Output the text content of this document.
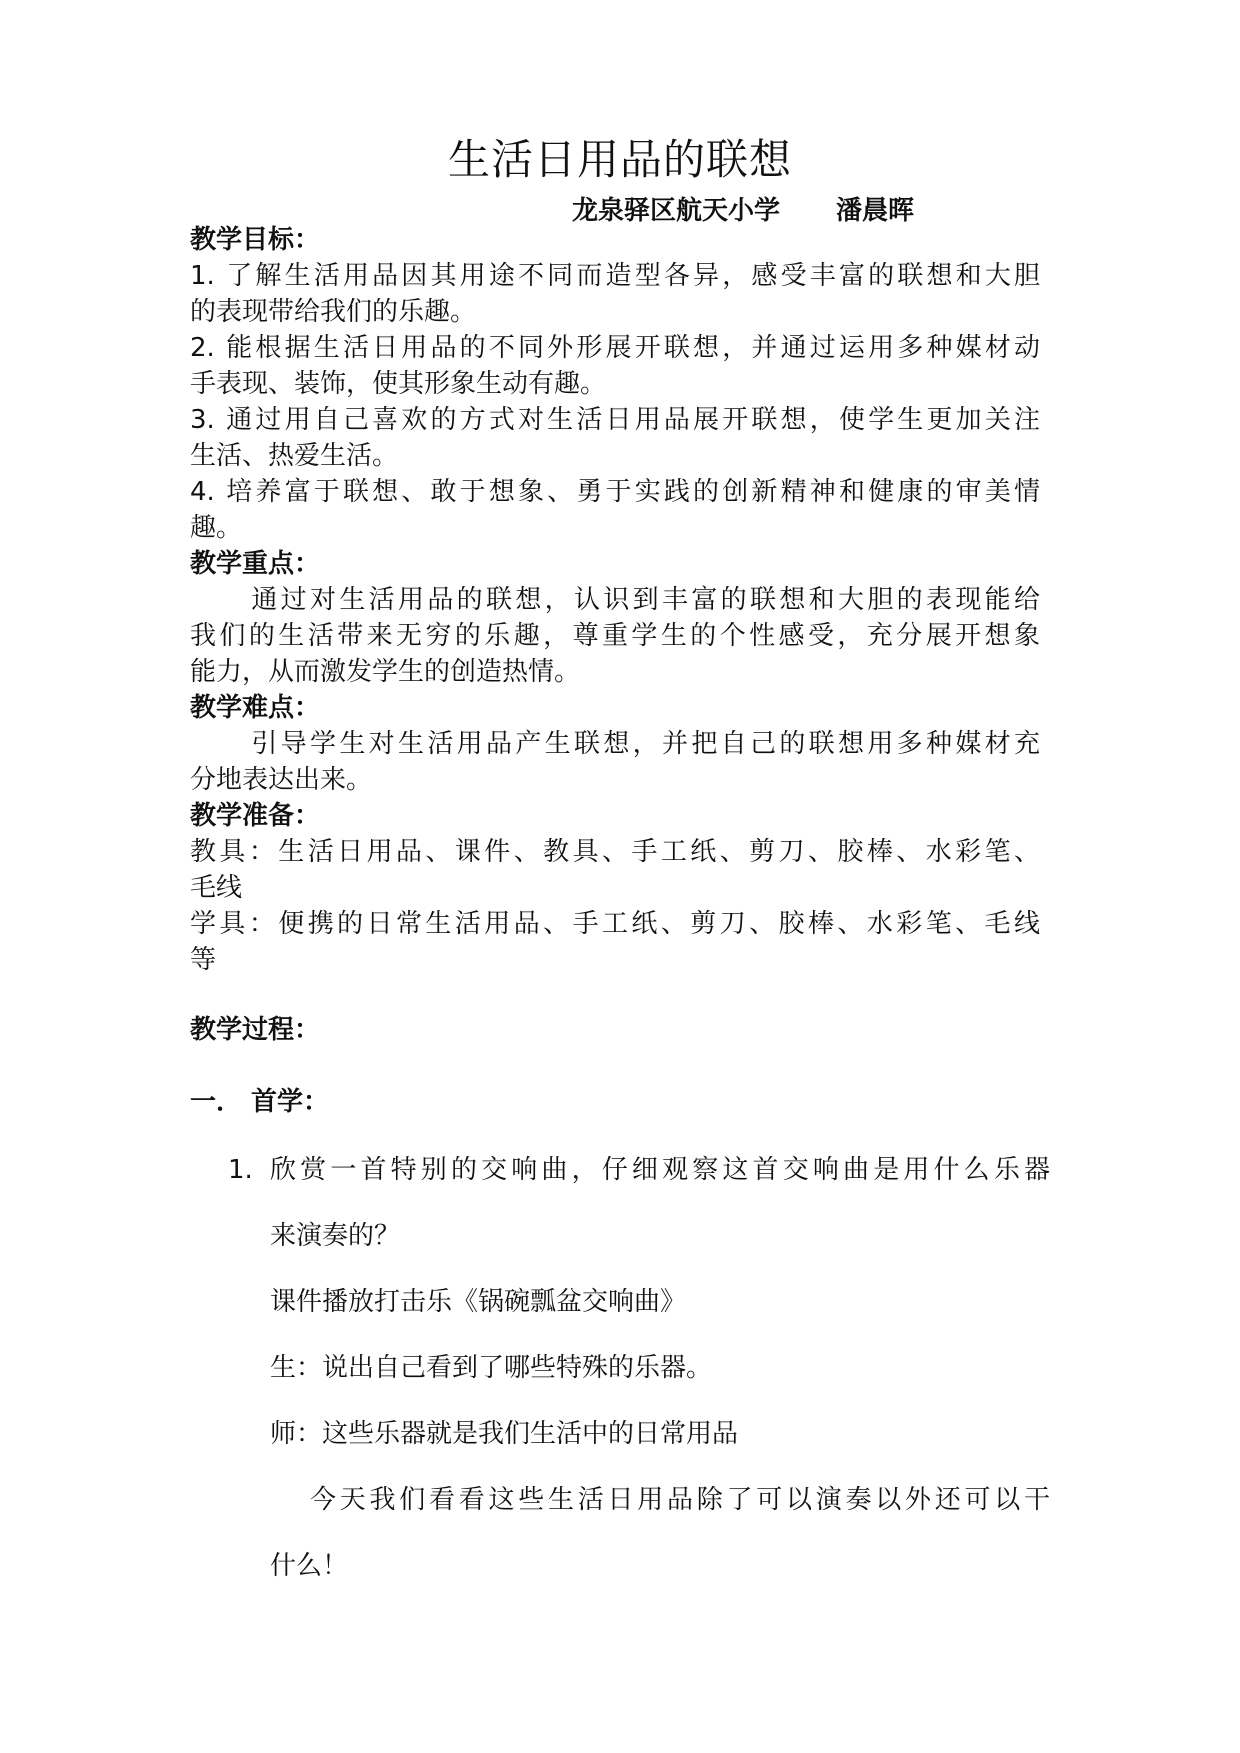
生活日用品的联想
龙泉驿区航天小学 潘晨晖
教学目标：
1. 了解生活用品因其用途不同而造型各异，感受丰富的联想和大胆
的表现带给我们的乐趣。
2. 能根据生活日用品的不同外形展开联想，并通过运用多种媒材动
手表现、装饰，使其形象生动有趣。
3. 通过用自己喜欢的方式对生活日用品展开联想，使学生更加关注
生活、热爱生活。
4. 培养富于联想、敢于想象、勇于实践的创新精神和健康的审美情
趣。
教学重点：
通过对生活用品的联想，认识到丰富的联想和大胆的表现能给
我们的生活带来无穷的乐趣，尊重学生的个性感受，充分展开想象
能力，从而激发学生的创造热情。
教学难点：
引导学生对生活用品产生联想，并把自己的联想用多种媒材充
分地表达出来。
教学准备：
教具：生活日用品、课件、教具、手工纸、剪刀、胶棒、水彩笔、
毛线
学具：便携的日常生活用品、手工纸、剪刀、胶棒、水彩笔、毛线
等
教学过程：
一． 首学：
1. 欣赏一首特别的交响曲，仔细观察这首交响曲是用什么乐器
来演奏的？
课件播放打击乐《锅碗瓢盆交响曲》
生：说出自己看到了哪些特殊的乐器。
师：这些乐器就是我们生活中的日常用品
今天我们看看这些生活日用品除了可以演奏以外还可以干
什么！
